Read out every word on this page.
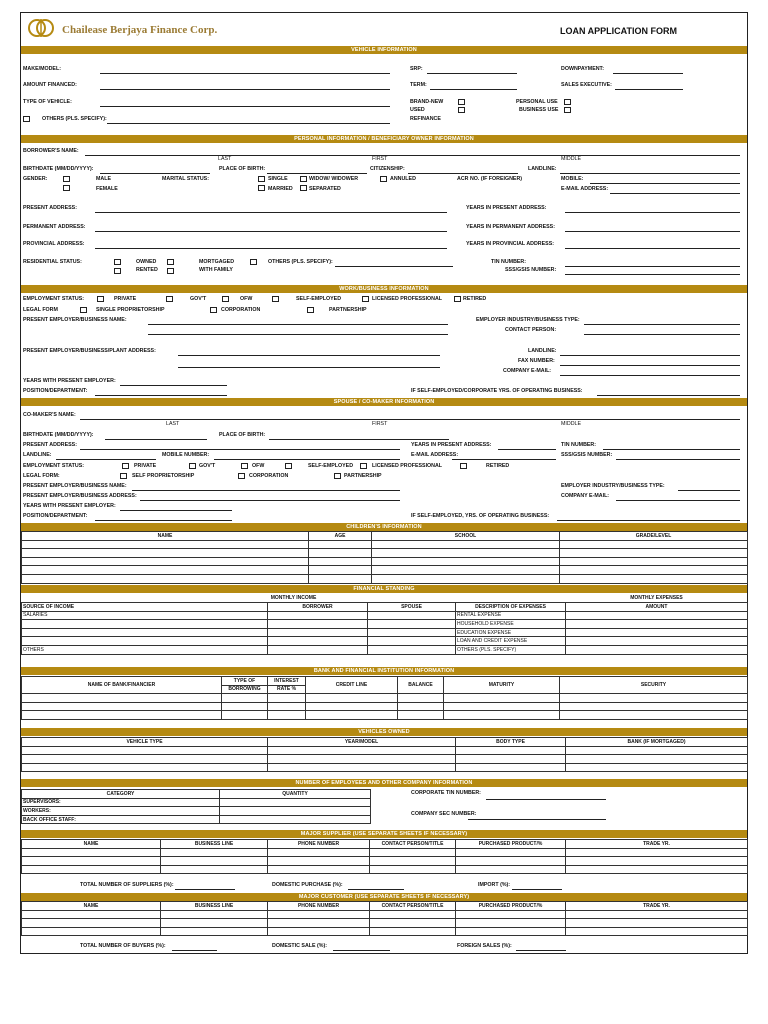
Chailease Berjaya Finance Corp.	LOAN APPLICATION FORM
VEHICLE INFORMATION
MAKE/MODEL:	SRP:	DOWNPAYMENT:
AMOUNT FINANCED:	TERM:	SALES EXECUTIVE:
TYPE OF VEHICLE:	BRAND-NEW
USED
REFINANCE
PERSONAL USE
BUSINESS USE
OTHERS (PLS. SPECIFY):
PERSONAL INFORMATION / BENEFICIARY OWNER INFORMATION
BORROWER'S NAME:
LAST	FIRST	MIDDLE
BIRTHDATE (MM/DD/YYYY):	PLACE OF BIRTH:	CITIZENSHIP:	LANDLINE:
GENDER:	MALE
FEMALE
MARITAL STATUS:	SINGLE	WIDOW/ WIDOWER	ANNULED
MARRIED	SEPARATED
ACR NO. (IF FOREIGNER)	MOBILE:
E-MAIL ADDRESS:
PRESENT ADDRESS:	YEARS IN PRESENT ADDRESS:
PERMANENT ADDRESS:	YEARS IN PERMANENT ADDRESS:
PROVINCIAL ADDRESS:	YEARS IN PROVINCIAL ADDRESS:
RESIDENTIAL STATUS:	OWNED
RENTED
MORTGAGED
WITH FAMILY
OTHERS (PLS. SPECIFY):	TIN NUMBER:
SSS/GSIS NUMBER:
WORK/BUSINESS INFORMATION
EMPLOYMENT STATUS:	PRIVATE	GOV'T	OFW	SELF-EMPLOYED	LICENSED PROFESSIONAL	RETIRED
LEGAL FORM	SINGLE PROPRIETORSHIP	CORPORATION	PARTNERSHIP
PRESENT EMPLOYER/BUSINESS NAME:	EMPLOYER INDUSTRY/BUSINESS TYPE:
CONTACT PERSON:
PRESENT EMPLOYER/BUSINESS/PLANT ADDRESS:	LANDLINE:
FAX NUMBER:
COMPANY E-MAIL:
YEARS WITH PRESENT EMPLOYER:
POSITION/DEPARTMENT:	IF SELF-EMPLOYED/CORPORATE YRS. OF OPERATING BUSINESS:
SPOUSE / CO-MAKER INFORMATION
CO-MAKER'S NAME:
LAST	FIRST	MIDDLE
BIRTHDATE (MM/DD/YYYY):	PLACE OF BIRTH:
PRESENT ADDRESS:	YEARS IN PRESENT ADDRESS:	TIN NUMBER:
LANDLINE:	MOBILE NUMBER:	E-MAIL ADDRESS:	SSS/GSIS NUMBER:
EMPLOYMENT STATUS:	PRIVATE	GOV'T	OFW	SELF-EMPLOYED	LICENSED PROFESSIONAL	RETIRED
LEGAL FORM:	SELF PROPRIETORSHIP	CORPORATION	PARTNERSHIP
PRESENT EMPLOYER/BUSINESS NAME:	EMPLOYER INDUSTRY/BUSINESS TYPE:
PRESENT EMPLOYER/BUSINESS ADDRESS:	COMPANY E-MAIL:
YEARS WITH PRESENT EMPLOYER:
POSITION/DEPARTMENT:	IF SELF-EMPLOYED, YRS. OF OPERATING BUSINESS:
CHILDREN'S INFORMATION
NAME	AGE	SCHOOL	GRADE/LEVEL

FINANCIAL STANDING
MONTHLY INCOME				MONTHLY EXPENSES
SOURCE OF INCOME	BORROWER	SPOUSE	DESCRIPTION OF EXPENSES	AMOUNT
SALARIES			RENTAL EXPENSE	
			HOUSEHOLD EXPENSE	
			EDUCATION EXPENSE	
			LOAN AND CREDIT EXPENSE	
OTHERS			OTHERS (PLS. SPECIFY)	
BANK AND FINANCIAL INSTITUTION INFORMATION
NAME OF BANK/FINANCIER	TYPE OF	INTEREST	CREDIT LINE	BALANCE	MATURITY	SECURITY
	BORROWING	RATE %				

VEHICLES OWNED
VEHICLE TYPE	YEAR/MODEL	BODY TYPE	BANK (IF MORTGAGED)

NUMBER OF EMPLOYEES AND OTHER COMPANY INFORMATION
CATEGORY	QUANTITY
SUPERVISORS:	
WORKERS:	
BACK OFFICE STAFF:	
CORPORATE TIN NUMBER:
COMPANY SEC NUMBER:
MAJOR SUPPLIER (USE SEPARATE SHEETS IF NECESSARY)
NAME	BUSINESS LINE	PHONE NUMBER	CONTACT PERSON/TITLE	PURCHASED PRODUCT/%	TRADE YR.

TOTAL NUMBER OF SUPPLIERS (%):	DOMESTIC PURCHASE (%):	IMPORT (%):
MAJOR CUSTOMER (USE SEPARATE SHEETS IF NECESSARY)
NAME	BUSINESS LINE	PHONE NUMBER	CONTACT PERSON/TITLE	PURCHASED PRODUCT/%	TRADE YR.

TOTAL NUMBER OF BUYERS (%):	DOMESTIC SALE (%):	FOREIGN SALES (%):
